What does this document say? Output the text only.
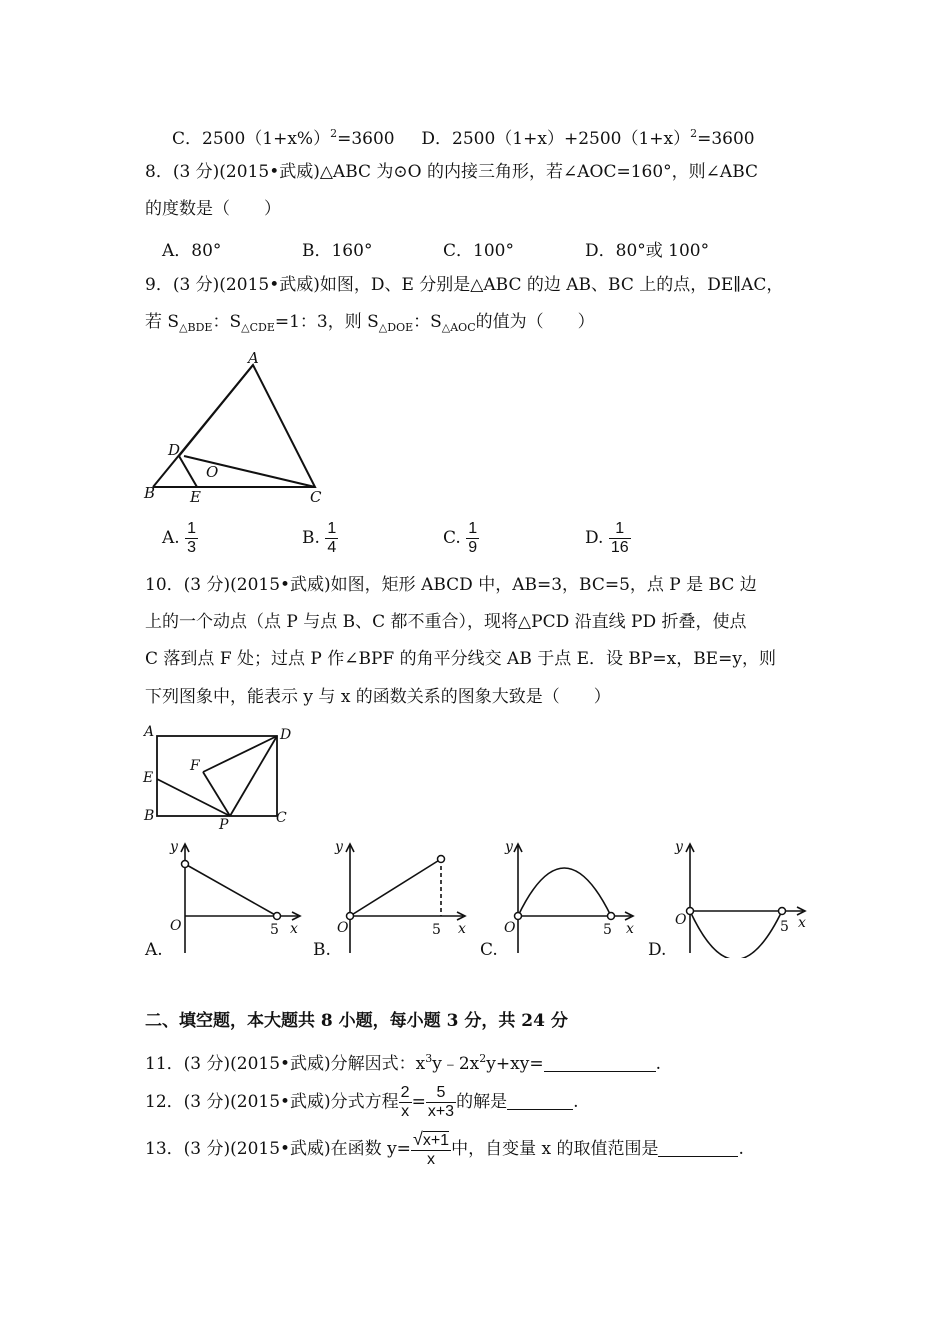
C．$2500(1+x\%)^2=3600$ D．$2500(1+x)+2500(1+x)^2=3600$
8．(3 分)(2015•武威)△ABC 为⊙O 的内接三角形，若∠AOC=160°，则∠ABC
的度数是（　　）
A．80°	B．160°	C．100°	D．80°或 100°
9．(3 分)(2015•武威)如图，D、E 分别是△ABC 的边 AB、BC 上的点，DE∥AC，
若 $S_{\triangle BDE}$：$S_{\triangle CDE}=1$：3，则 $S_{\triangle DOE}$：$S_{\triangle AOC}$的值为（　　）
A
B	C
D
E
O
A. $\frac{1}{3}$	B. $\frac{1}{4}$	C. $\frac{1}{9}$	D. $\frac{1}{16}$
10．(3 分)(2015•武威)如图，矩形 ABCD 中，AB=3，BC=5，点 P 是 BC 边
上的一个动点（点 P 与点 B、C 都不重合），现将△PCD 沿直线 PD 折叠，使点
C 落到点 F 处；过点 P 作∠BPF 的角平分线交 AB 于点 E．设 BP=x，BE=y，则
下列图象中，能表示 y 与 x 的函数关系的图象大致是（　　）
A	D
E
F
B
P	C
y
x
O	5
A.
y
x
O	5
B.
y
x
O	5
C.
y
x
O	5
D.
二、填空题，本大题共 8 小题，每小题 3 分，共 24 分
11．(3 分)(2015•武威)分解因式：$x^3y﹣2x^2y+xy=$	.
12．(3 分)(2015•武威)分式方程 $\frac{2}{x} = \frac{5}{x+3}$ 的解是	.
13．(3 分)(2015•武威)在函数 $y= \frac{√x+1}{x}$ 中，自变量 x 的取值范围是	.
